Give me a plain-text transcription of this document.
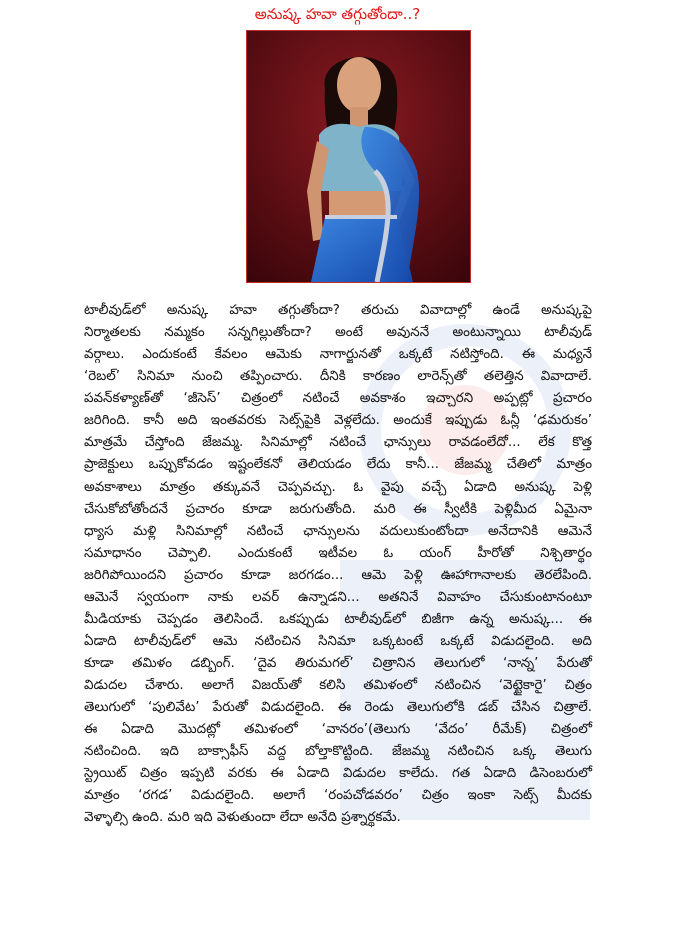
అనుష్క హవా తగ్గుతోందా..?

టాలీవుడ్‌లో అనుష్క హవా తగ్గుతోందా? తరుచు వివాదాల్లో ఉండే అనుష్కపై

నిర్మాతలకు నమ్మకం సన్నగిల్లుతోందా? అంటే అవుననే అంటున్నాయి టాలీవుడ్

వర్గాలు. ఎందుకంటే కేవలం ఆమెకు నాగార్జునతో ఒక్కటే నటిస్తోంది. ఈ మధ్యనే

‘రెబల్’ సినిమా నుంచి తప్పించారు. దీనికి కారణం లారెన్స్‌తో తలెత్తిన వివాదాలే.

పవన్‌కళ్యాణ్‌తో ‘జీసెస్’ చిత్రంలో నటించే అవకాశం ఇచ్చారని అప్పట్లో ప్రచారం

జరిగింది. కానీ అది ఇంతవరకు సెట్స్‌పైకి వెళ్లలేదు. అందుకే ఇప్పుడు ఓన్లీ ‘ఢమరుకం’

మాత్రమే చేస్తోంది జేజమ్మ. సినిమాల్లో నటించే ఛాన్సులు రావడంలేదో... లేక కొత్త

ప్రాజెక్టులు ఒప్పుకోవడం ఇష్టంలేకనో తెలియడం లేదు కానీ... జేజమ్మ చేతిలో మాత్రం

అవకాశాలు మాత్రం తక్కువనే చెప్పవచ్చు. ఓ వైపు వచ్చే ఏడాది అనుష్క పెళ్లి

చేసుకోబోతోందనే ప్రచారం కూడా జరుగుతోంది. మరి ఈ స్వీటీకి పెళ్లిమీద ఏమైనా

ధ్యాస మళ్లి సినిమాల్లో నటించే ఛాన్సులను వదులుకుంటోందా అనేదానికి ఆమెనే

సమాధానం చెప్పాలి. ఎందుకంటే ఇటీవల ఓ యంగ్ హీరోతో నిశ్చితార్థం

జరిగిపోయిందని ప్రచారం కూడా జరగడం... ఆమె పెళ్లి ఊహాగానాలకు తెరలేపింది.

ఆమెనే స్వయంగా నాకు లవర్ ఉన్నాడని... అతనినే వివాహం చేసుకుంటానంటూ

మీడియాకు చెప్పడం తెలిసిందే. ఒకప్పుడు టాలీవుడ్‌లో బిజీగా ఉన్న అనుష్క... ఈ

ఏడాది టాలీవుడ్‌లో ఆమె నటించిన సినిమా ఒక్కటంటే ఒక్కటే విడుదలైంది. అది

కూడా తమిళం డబ్బింగ్. ‘దైవ తిరుమగల్’ చిత్రానిన తెలుగులో ‘నాన్న’ పేరుతో

విడుదల చేశారు. అలాగే విజయ్‌తో కలిసి తమిళంలో నటించిన ‘వెట్టైకారై’ చిత్రం

తెలుగులో ‘పులివేట’ పేరుతో విడుదలైంది. ఈ రెండు తెలుగులోకి డబ్ చేసిన చిత్రాలే.

ఈ ఏడాది మొదట్లో తమిళంలో ‘వానరం’(తెలుగు ‘వేదం’ రీమేక్) చిత్రంలో

నటించింది. ఇది బాక్సాఫీస్ వద్ద బోల్తాకొట్టింది. జేజమ్మ నటించిన ఒక్క తెలుగు

స్ట్రెయిట్ చిత్రం ఇప్పటి వరకు ఈ ఏడాది విడుదల కాలేదు. గత ఏడాది డిసెంబరులో

మాత్రం ‘రగడ’ విడుదలైంది. అలాగే ‘రంపచోడవరం’ చిత్రం ఇంకా సెట్స్ మీదకు

వెళ్ళాల్సి ఉంది. మరి ఇది వెళుతుందా లేదా అనేది ప్రశ్నార్థకమే.
